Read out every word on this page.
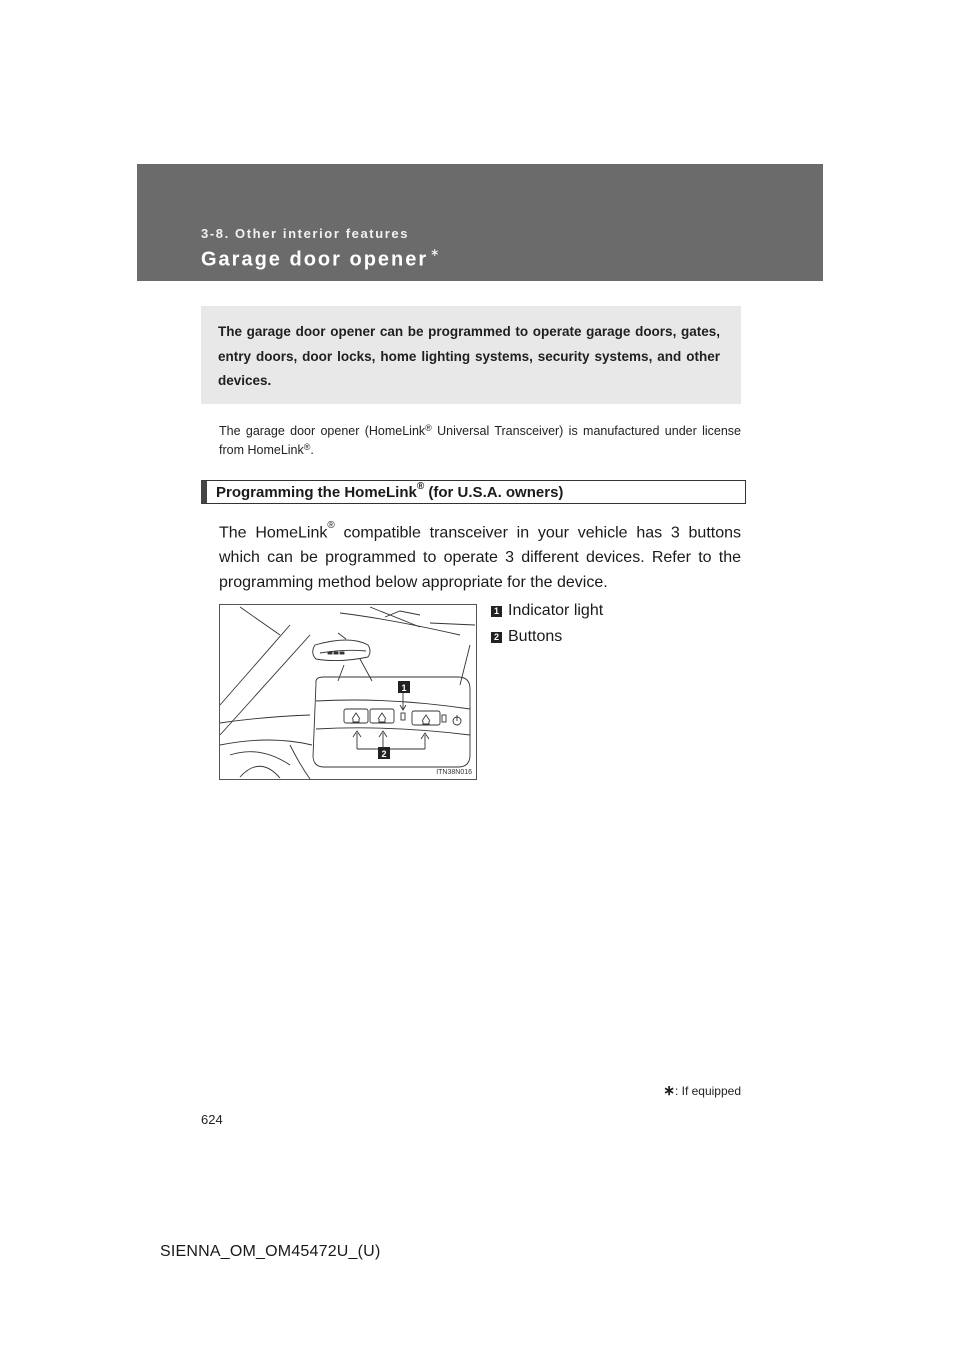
3-8. Other interior features
Garage door opener ∗
The garage door opener can be programmed to operate garage doors, gates, entry doors, door locks, home lighting systems, security systems, and other devices.
The garage door opener (HomeLink® Universal Transceiver) is manufactured under license from HomeLink®.
Programming the HomeLink® (for U.S.A. owners)
The HomeLink® compatible transceiver in your vehicle has 3 buttons which can be programmed to operate 3 different devices. Refer to the programming method below appropriate for the device.
1
2
ITN38N016
1 Indicator light
2 Buttons
∗: If equipped
624
SIENNA_OM_OM45472U_(U)
